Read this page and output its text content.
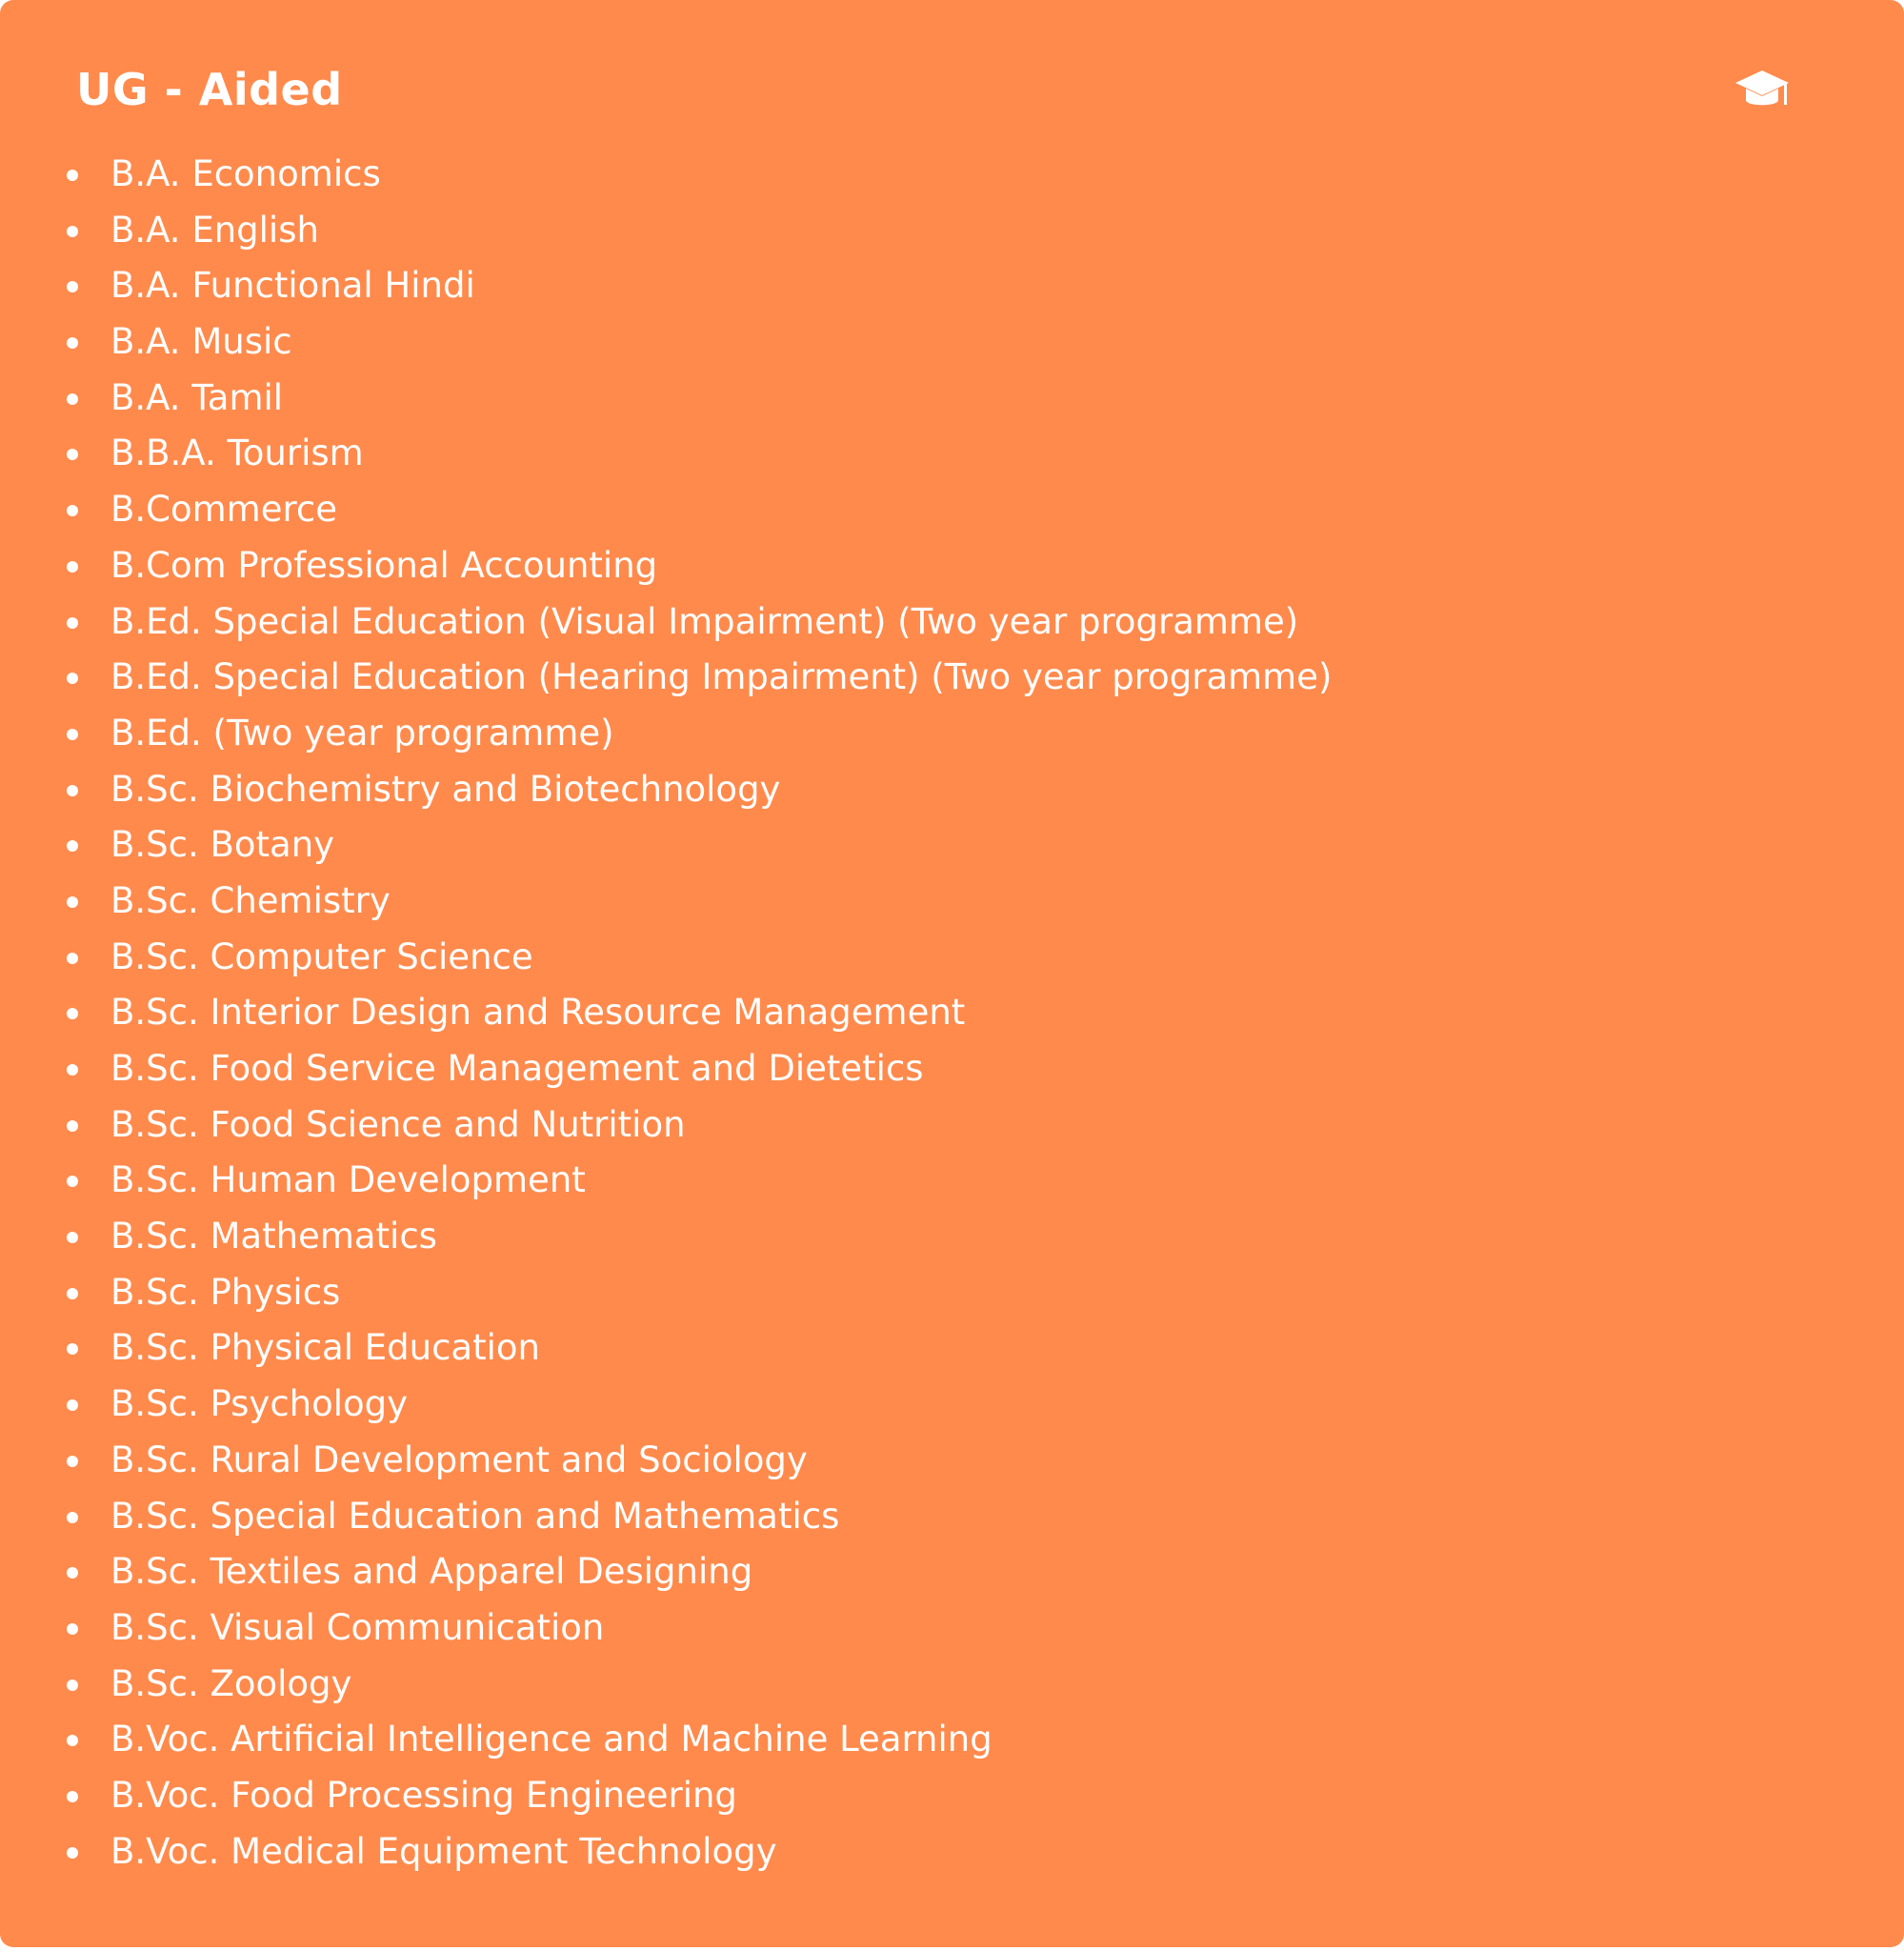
UG - Aided
B.A. Economics
B.A. English
B.A. Functional Hindi
B.A. Music
B.A. Tamil
B.B.A. Tourism
B.Commerce
B.Com Professional Accounting
B.Ed. Special Education (Visual Impairment) (Two year programme)
B.Ed. Special Education (Hearing Impairment) (Two year programme)
B.Ed. (Two year programme)
B.Sc. Biochemistry and Biotechnology
B.Sc. Botany
B.Sc. Chemistry
B.Sc. Computer Science
B.Sc. Interior Design and Resource Management
B.Sc. Food Service Management and Dietetics
B.Sc. Food Science and Nutrition
B.Sc. Human Development
B.Sc. Mathematics
B.Sc. Physics
B.Sc. Physical Education
B.Sc. Psychology
B.Sc. Rural Development and Sociology
B.Sc. Special Education and Mathematics
B.Sc. Textiles and Apparel Designing
B.Sc. Visual Communication
B.Sc. Zoology
B.Voc. Artificial Intelligence and Machine Learning
B.Voc. Food Processing Engineering
B.Voc. Medical Equipment Technology
